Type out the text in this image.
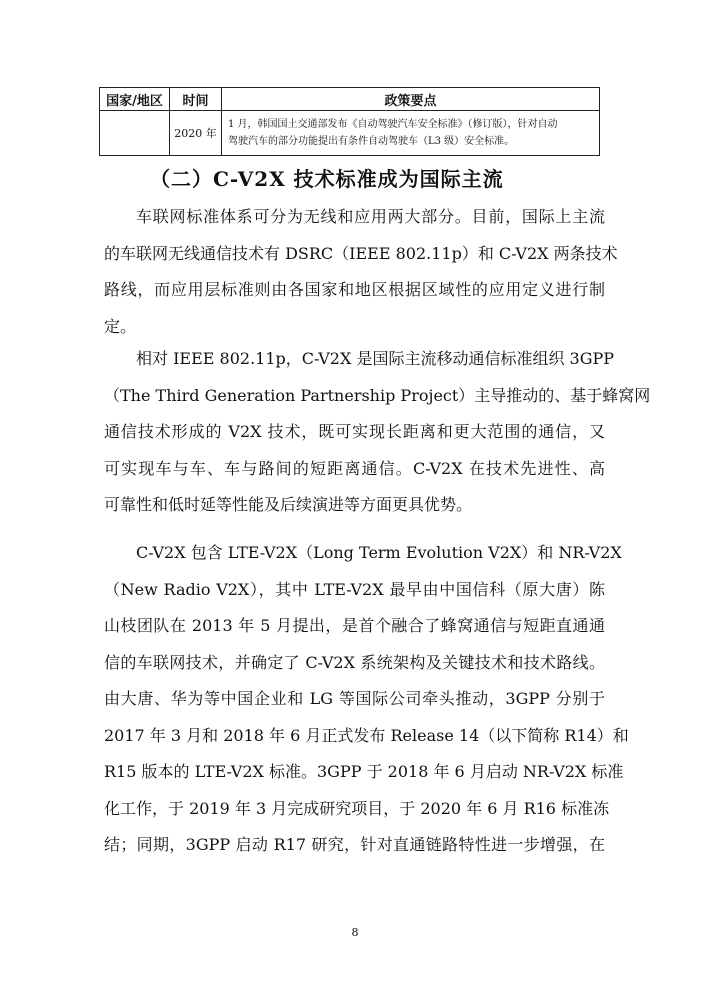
国家/地区	时间	政策要点
	2020 年	1 月，韩国国土交通部发布《自动驾驶汽车安全标准》（修订版），针对自动
驾驶汽车的部分功能提出有条件自动驾驶车（L3 级）安全标准。
（二）C-V2X 技术标准成为国际主流

车联网标准体系可分为无线和应用两大部分。目前，国际上主流
的车联网无线通信技术有 DSRC（IEEE 802.11p）和 C-V2X 两条技术
路线，而应用层标准则由各国家和地区根据区域性的应用定义进行制
定。

相对 IEEE 802.11p，C-V2X 是国际主流移动通信标准组织 3GPP
（The Third Generation Partnership Project）主导推动的、基于蜂窝网
通信技术形成的 V2X 技术，既可实现长距离和更大范围的通信，又
可实现车与车、车与路间的短距离通信。C-V2X 在技术先进性、高
可靠性和低时延等性能及后续演进等方面更具优势。

C-V2X 包含 LTE-V2X（Long Term Evolution V2X）和 NR-V2X
（New Radio V2X），其中 LTE-V2X 最早由中国信科（原大唐）陈
山枝团队在 2013 年 5 月提出，是首个融合了蜂窝通信与短距直通通
信的车联网技术，并确定了 C-V2X 系统架构及关键技术和技术路线。
由大唐、华为等中国企业和 LG 等国际公司牵头推动，3GPP 分别于
2017 年 3 月和 2018 年 6 月正式发布 Release 14（以下简称 R14）和
R15 版本的 LTE-V2X 标准。3GPP 于 2018 年 6 月启动 NR-V2X 标准
化工作，于 2019 年 3 月完成研究项目，于 2020 年 6 月 R16 标准冻
结；同期，3GPP 启动 R17 研究，针对直通链路特性进一步增强，在

8
